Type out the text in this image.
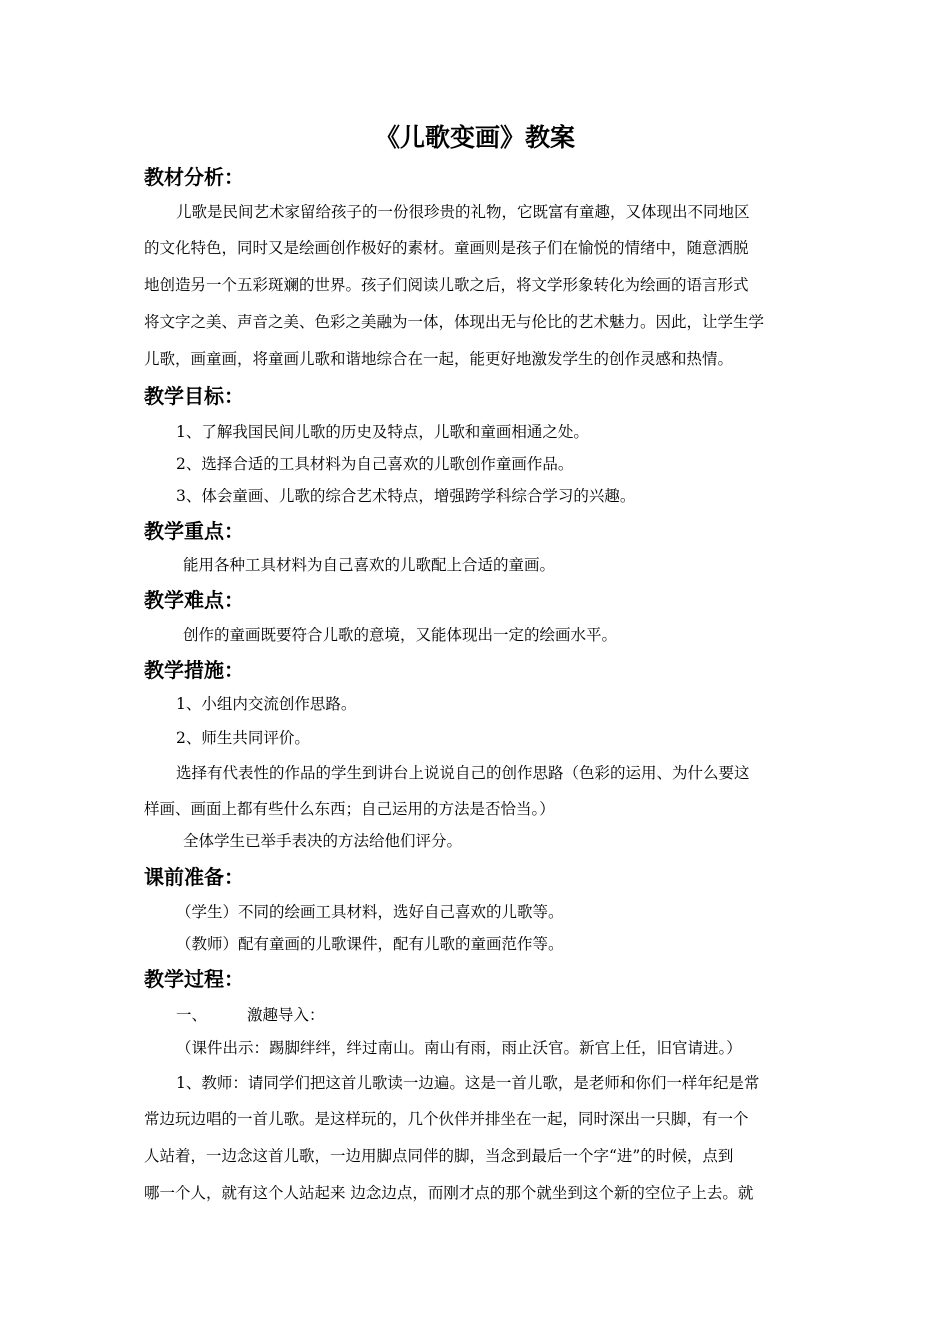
《儿歌变画》教案
教材分析：
儿歌是民间艺术家留给孩子的一份很珍贵的礼物，它既富有童趣，又体现出不同地区
的文化特色，同时又是绘画创作极好的素材。童画则是孩子们在愉悦的情绪中，随意洒脱
地创造另一个五彩斑斓的世界。孩子们阅读儿歌之后，将文学形象转化为绘画的语言形式
将文字之美、声音之美、色彩之美融为一体，体现出无与伦比的艺术魅力。因此，让学生学
儿歌，画童画，将童画儿歌和谐地综合在一起，能更好地激发学生的创作灵感和热情。
教学目标：
1、了解我国民间儿歌的历史及特点，儿歌和童画相通之处。
2、选择合适的工具材料为自己喜欢的儿歌创作童画作品。
3、体会童画、儿歌的综合艺术特点，增强跨学科综合学习的兴趣。
教学重点：
能用各种工具材料为自己喜欢的儿歌配上合适的童画。
教学难点：
创作的童画既要符合儿歌的意境，又能体现出一定的绘画水平。
教学措施：
1、小组内交流创作思路。
2、师生共同评价。
选择有代表性的作品的学生到讲台上说说自己的创作思路（色彩的运用、为什么要这
样画、画面上都有些什么东西；自己运用的方法是否恰当。）
全体学生已举手表决的方法给他们评分。
课前准备：
（学生）不同的绘画工具材料，选好自己喜欢的儿歌等。
（教师）配有童画的儿歌课件，配有儿歌的童画范作等。
教学过程：
一、	激趣导入：
（课件出示：踢脚绊绊，绊过南山。南山有雨，雨止沃官。新官上任，旧官请进。）
1、教师：请同学们把这首儿歌读一边遍。这是一首儿歌，是老师和你们一样年纪是常
常边玩边唱的一首儿歌。是这样玩的，几个伙伴并排坐在一起，同时深出一只脚，有一个
人站着，一边念这首儿歌，一边用脚点同伴的脚，当念到最后一个字“进”的时候，点到
哪一个人，就有这个人站起来 边念边点，而刚才点的那个就坐到这个新的空位子上去。就
